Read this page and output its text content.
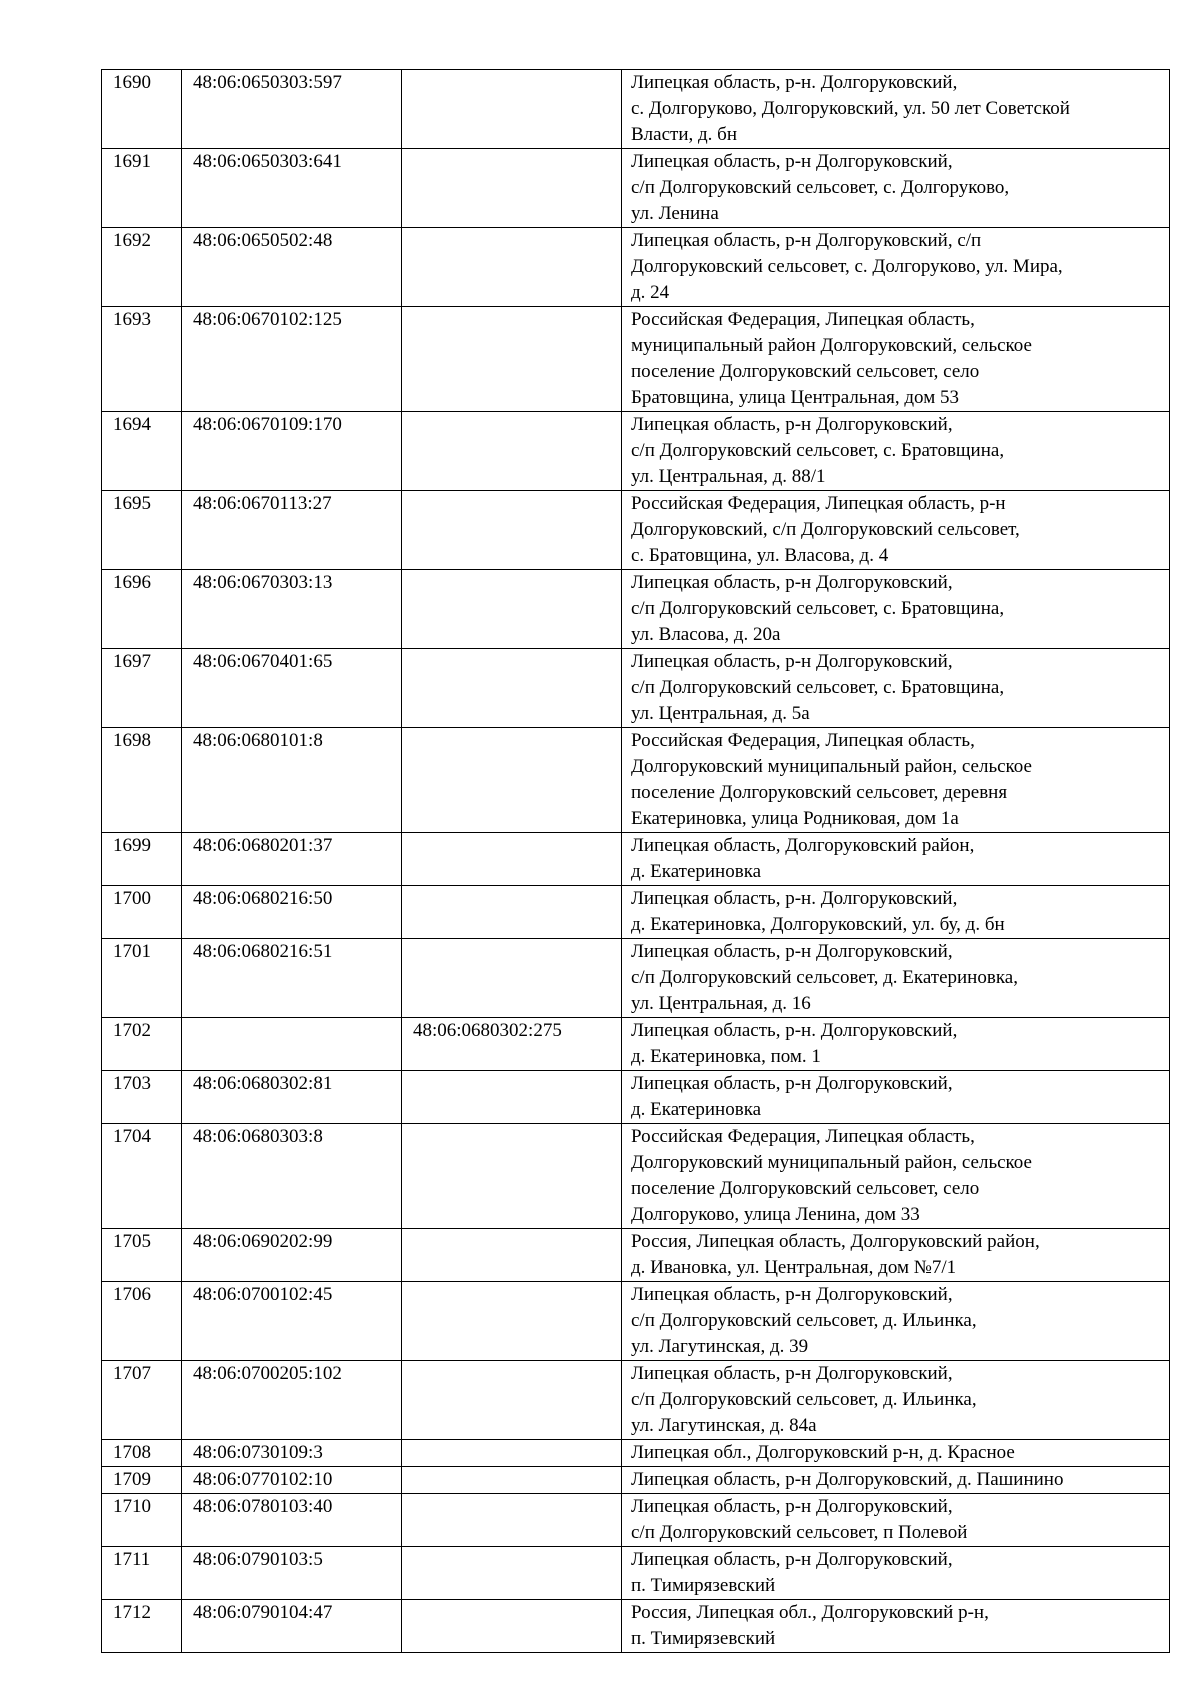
1690	48:06:0650303:597		Липецкая область, р-н. Долгоруковский,
с. Долгоруково, Долгоруковский, ул. 50 лет Советской
Власти, д. бн

1691	48:06:0650303:641		Липецкая область, р-н Долгоруковский,
с/п Долгоруковский сельсовет, с. Долгоруково,
ул. Ленина

1692	48:06:0650502:48		Липецкая область, р-н Долгоруковский, с/п
Долгоруковский сельсовет, с. Долгоруково, ул. Мира,
д. 24

1693	48:06:0670102:125		Российская Федерация, Липецкая область,
муниципальный район Долгоруковский, сельское
поселение Долгоруковский сельсовет, село
Братовщина, улица Центральная, дом 53

1694	48:06:0670109:170		Липецкая область, р-н Долгоруковский,
с/п Долгоруковский сельсовет, с. Братовщина,
ул. Центральная, д. 88/1

1695	48:06:0670113:27		Российская Федерация, Липецкая область, р-н
Долгоруковский, с/п Долгоруковский сельсовет,
с. Братовщина, ул. Власова, д. 4

1696	48:06:0670303:13		Липецкая область, р-н Долгоруковский,
с/п Долгоруковский сельсовет, с. Братовщина,
ул. Власова, д. 20а

1697	48:06:0670401:65		Липецкая область, р-н Долгоруковский,
с/п Долгоруковский сельсовет, с. Братовщина,
ул. Центральная, д. 5а

1698	48:06:0680101:8		Российская Федерация, Липецкая область,
Долгоруковский муниципальный район, сельское
поселение Долгоруковский сельсовет, деревня
Екатериновка, улица Родниковая, дом 1а

1699	48:06:0680201:37		Липецкая область, Долгоруковский район,
д. Екатериновка

1700	48:06:0680216:50		Липецкая область, р-н. Долгоруковский,
д. Екатериновка, Долгоруковский, ул. бу, д. бн

1701	48:06:0680216:51		Липецкая область, р-н Долгоруковский,
с/п Долгоруковский сельсовет, д. Екатериновка,
ул. Центральная, д. 16

1702		48:06:0680302:275	Липецкая область, р-н. Долгоруковский,
д. Екатериновка, пом. 1

1703	48:06:0680302:81		Липецкая область, р-н Долгоруковский,
д. Екатериновка

1704	48:06:0680303:8		Российская Федерация, Липецкая область,
Долгоруковский муниципальный район, сельское
поселение Долгоруковский сельсовет, село
Долгоруково, улица Ленина, дом 33

1705	48:06:0690202:99		Россия, Липецкая область, Долгоруковский район,
д. Ивановка, ул. Центральная, дом №7/1

1706	48:06:0700102:45		Липецкая область, р-н Долгоруковский,
с/п Долгоруковский сельсовет, д. Ильинка,
ул. Лагутинская, д. 39

1707	48:06:0700205:102		Липецкая область, р-н Долгоруковский,
с/п Долгоруковский сельсовет, д. Ильинка,
ул. Лагутинская, д. 84а

1708	48:06:0730109:3		Липецкая обл., Долгоруковский р-н, д. Красное

1709	48:06:0770102:10		Липецкая область, р-н Долгоруковский, д. Пашинино

1710	48:06:0780103:40		Липецкая область, р-н Долгоруковский,
с/п Долгоруковский сельсовет, п Полевой

1711	48:06:0790103:5		Липецкая область, р-н Долгоруковский,
п. Тимирязевский

1712	48:06:0790104:47		Россия, Липецкая обл., Долгоруковский р-н,
п. Тимирязевский
